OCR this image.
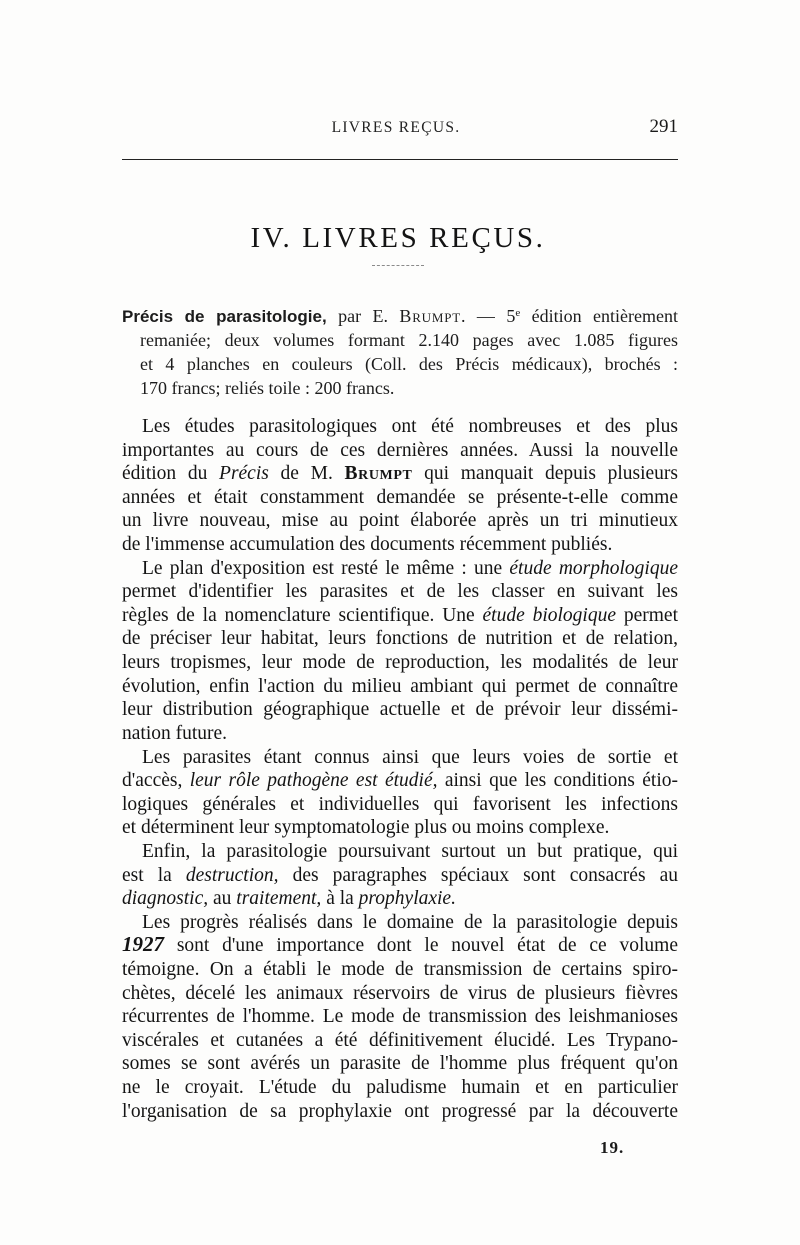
LIVRES REÇUS.	291
IV. LIVRES REÇUS.
Précis de parasitologie, par E. Brumpt. — 5e édition entièrement
remaniée; deux volumes formant 2.140 pages avec 1.085 figures
et 4 planches en couleurs (Coll. des Précis médicaux), brochés :
170 francs; reliés toile : 200 francs.
Les études parasitologiques ont été nombreuses et des plus
importantes au cours de ces dernières années. Aussi la nouvelle
édition du Précis de M. Brumpt qui manquait depuis plusieurs
années et était constamment demandée se présente-t-elle comme
un livre nouveau, mise au point élaborée après un tri minutieux
de l'immense accumulation des documents récemment publiés.
Le plan d'exposition est resté le même : une étude morphologique
permet d'identifier les parasites et de les classer en suivant les
règles de la nomenclature scientifique. Une étude biologique permet
de préciser leur habitat, leurs fonctions de nutrition et de relation,
leurs tropismes, leur mode de reproduction, les modalités de leur
évolution, enfin l'action du milieu ambiant qui permet de connaître
leur distribution géographique actuelle et de prévoir leur dissémi-
nation future.
Les parasites étant connus ainsi que leurs voies de sortie et
d'accès, leur rôle pathogène est étudié, ainsi que les conditions étio-
logiques générales et individuelles qui favorisent les infections
et déterminent leur symptomatologie plus ou moins complexe.
Enfin, la parasitologie poursuivant surtout un but pratique, qui
est la destruction, des paragraphes spéciaux sont consacrés au
diagnostic, au traitement, à la prophylaxie.
Les progrès réalisés dans le domaine de la parasitologie depuis
1927 sont d'une importance dont le nouvel état de ce volume
témoigne. On a établi le mode de transmission de certains spiro-
chètes, décelé les animaux réservoirs de virus de plusieurs fièvres
récurrentes de l'homme. Le mode de transmission des leishmanioses
viscérales et cutanées a été définitivement élucidé. Les Trypano-
somes se sont avérés un parasite de l'homme plus fréquent qu'on
ne le croyait. L'étude du paludisme humain et en particulier
l'organisation de sa prophylaxie ont progressé par la découverte
19.
